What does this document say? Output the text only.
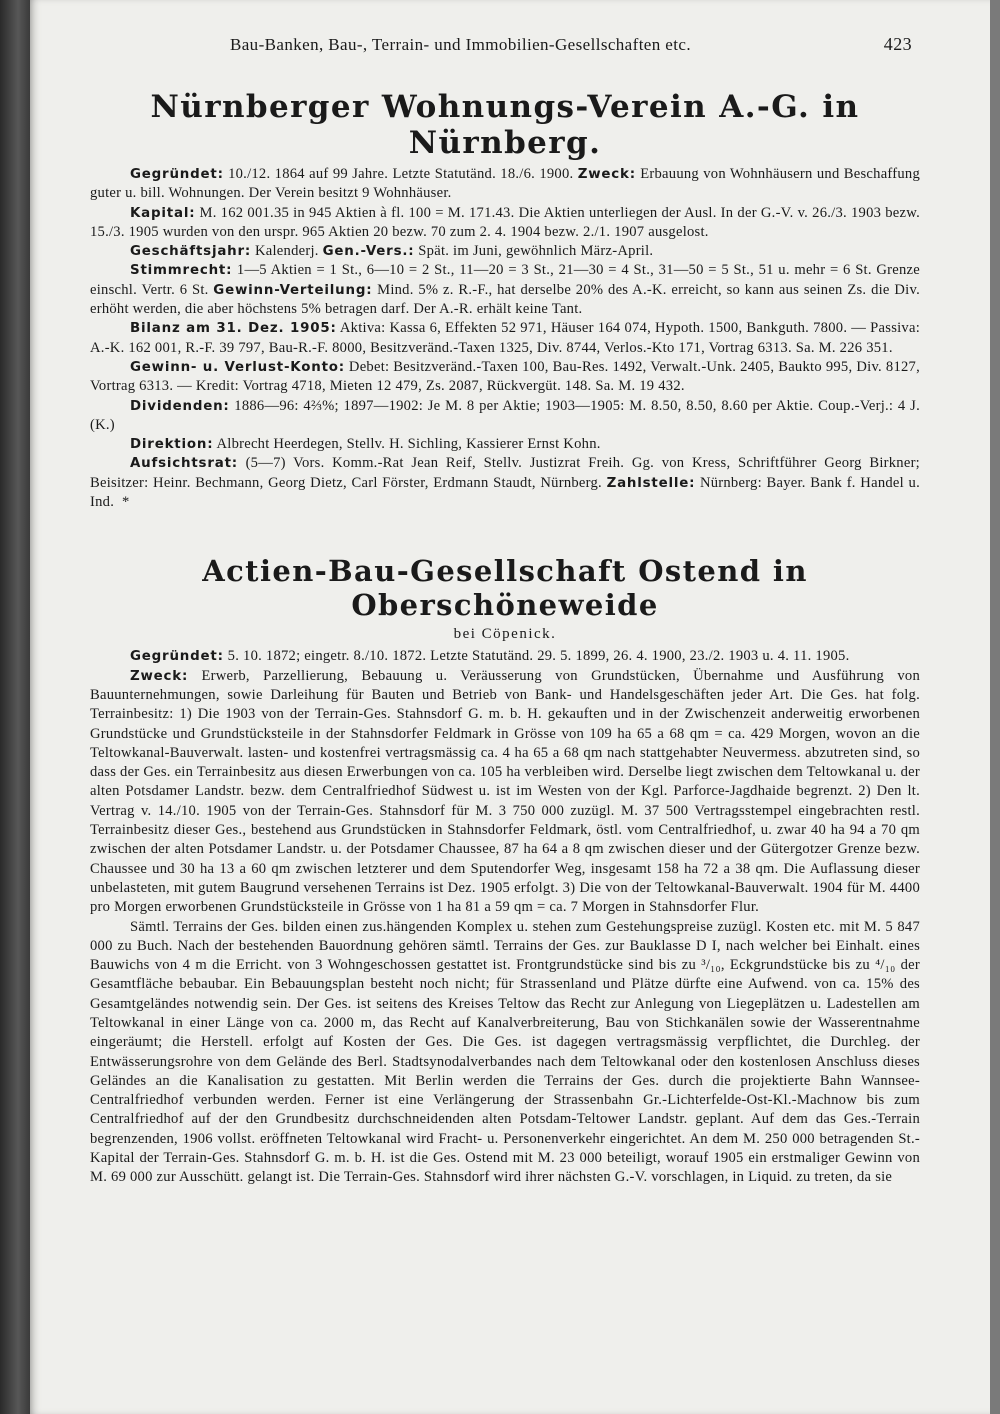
Bau-Banken, Bau-, Terrain- und Immobilien-Gesellschaften etc.	423
Nürnberger Wohnungs-Verein A.-G. in Nürnberg.

Gegründet: 10./12. 1864 auf 99 Jahre. Letzte Statutänd. 18./6. 1900. Zweck: Erbauung von Wohnhäusern und Beschaffung guter u. bill. Wohnungen. Der Verein besitzt 9 Wohnhäuser.

Kapital: M. 162 001.35 in 945 Aktien à fl. 100 = M. 171.43. Die Aktien unterliegen der Ausl. In der G.-V. v. 26./3. 1903 bezw. 15./3. 1905 wurden von den urspr. 965 Aktien 20 bezw. 70 zum 2. 4. 1904 bezw. 2./1. 1907 ausgelost.

Geschäftsjahr: Kalenderj. Gen.-Vers.: Spät. im Juni, gewöhnlich März-April.

Stimmrecht: 1—5 Aktien = 1 St., 6—10 = 2 St., 11—20 = 3 St., 21—30 = 4 St., 31—50 = 5 St., 51 u. mehr = 6 St. Grenze einschl. Vertr. 6 St. Gewinn-Verteilung: Mind. 5% z. R.-F., hat derselbe 20% des A.-K. erreicht, so kann aus seinen Zs. die Div. erhöht werden, die aber höchstens 5% betragen darf. Der A.-R. erhält keine Tant.

Bilanz am 31. Dez. 1905: Aktiva: Kassa 6, Effekten 52 971, Häuser 164 074, Hypoth. 1500, Bankguth. 7800. — Passiva: A.-K. 162 001, R.-F. 39 797, Bau-R.-F. 8000, Besitzveränd.-Taxen 1325, Div. 8744, Verlos.-Kto 171, Vortrag 6313. Sa. M. 226 351.

Gewinn- u. Verlust-Konto: Debet: Besitzveränd.-Taxen 100, Bau-Res. 1492, Verwalt.-Unk. 2405, Baukto 995, Div. 8127, Vortrag 6313. — Kredit: Vortrag 4718, Mieten 12 479, Zs. 2087, Rückvergüt. 148. Sa. M. 19 432.

Dividenden: 1886—96: 4⅔%; 1897—1902: Je M. 8 per Aktie; 1903—1905: M. 8.50, 8.50, 8.60 per Aktie. Coup.-Verj.: 4 J. (K.)

Direktion: Albrecht Heerdegen, Stellv. H. Sichling, Kassierer Ernst Kohn.

Aufsichtsrat: (5—7) Vors. Komm.-Rat Jean Reif, Stellv. Justizrat Freih. Gg. von Kress, Schriftführer Georg Birkner; Beisitzer: Heinr. Bechmann, Georg Dietz, Carl Förster, Erdmann Staudt, Nürnberg. Zahlstelle: Nürnberg: Bayer. Bank f. Handel u. Ind. *

Actien-Bau-Gesellschaft Ostend in Oberschöneweide
bei Cöpenick.

Gegründet: 5. 10. 1872; eingetr. 8./10. 1872. Letzte Statutänd. 29. 5. 1899, 26. 4. 1900, 23./2. 1903 u. 4. 11. 1905.

Zweck: Erwerb, Parzellierung, Bebauung u. Veräusserung von Grundstücken, Übernahme und Ausführung von Bauunternehmungen, sowie Darleihung für Bauten und Betrieb von Bank- und Handelsgeschäften jeder Art. Die Ges. hat folg. Terrainbesitz: 1) Die 1903 von der Terrain-Ges. Stahnsdorf G. m. b. H. gekauften und in der Zwischenzeit anderweitig erworbenen Grundstücke und Grundstücksteile in der Stahnsdorfer Feldmark in Grösse von 109 ha 65 a 68 qm = ca. 429 Morgen, wovon an die Teltowkanal-Bauverwalt. lasten- und kostenfrei vertragsmässig ca. 4 ha 65 a 68 qm nach stattgehabter Neuvermess. abzutreten sind, so dass der Ges. ein Terrainbesitz aus diesen Erwerbungen von ca. 105 ha verbleiben wird. Derselbe liegt zwischen dem Teltowkanal u. der alten Potsdamer Landstr. bezw. dem Centralfriedhof Südwest u. ist im Westen von der Kgl. Parforce-Jagdhaide begrenzt. 2) Den lt. Vertrag v. 14./10. 1905 von der Terrain-Ges. Stahnsdorf für M. 3 750 000 zuzügl. M. 37 500 Vertragsstempel eingebrachten restl. Terrainbesitz dieser Ges., bestehend aus Grundstücken in Stahnsdorfer Feldmark, östl. vom Centralfriedhof, u. zwar 40 ha 94 a 70 qm zwischen der alten Potsdamer Landstr. u. der Potsdamer Chaussee, 87 ha 64 a 8 qm zwischen dieser und der Gütergotzer Grenze bezw. Chaussee und 30 ha 13 a 60 qm zwischen letzterer und dem Sputendorfer Weg, insgesamt 158 ha 72 a 38 qm. Die Auflassung dieser unbelasteten, mit gutem Baugrund versehenen Terrains ist Dez. 1905 erfolgt. 3) Die von der Teltowkanal-Bauverwalt. 1904 für M. 4400 pro Morgen erworbenen Grundstücksteile in Grösse von 1 ha 81 a 59 qm = ca. 7 Morgen in Stahnsdorfer Flur.

Sämtl. Terrains der Ges. bilden einen zus.hängenden Komplex u. stehen zum Gestehungspreise zuzügl. Kosten etc. mit M. 5 847 000 zu Buch. Nach der bestehenden Bauordnung gehören sämtl. Terrains der Ges. zur Bauklasse D I, nach welcher bei Einhalt. eines Bauwichs von 4 m die Erricht. von 3 Wohngeschossen gestattet ist. Frontgrundstücke sind bis zu ³/₁₀, Eckgrundstücke bis zu ⁴/₁₀ der Gesamtfläche bebaubar. Ein Bebauungsplan besteht noch nicht; für Strassenland und Plätze dürfte eine Aufwend. von ca. 15% des Gesamtgeländes notwendig sein. Der Ges. ist seitens des Kreises Teltow das Recht zur Anlegung von Liegeplätzen u. Ladestellen am Teltowkanal in einer Länge von ca. 2000 m, das Recht auf Kanalverbreiterung, Bau von Stichkanälen sowie der Wasserentnahme eingeräumt; die Herstell. erfolgt auf Kosten der Ges. Die Ges. ist dagegen vertragsmässig verpflichtet, die Durchleg. der Entwässerungsrohre von dem Gelände des Berl. Stadtsynodalverbandes nach dem Teltowkanal oder den kostenlosen Anschluss dieses Geländes an die Kanalisation zu gestatten. Mit Berlin werden die Terrains der Ges. durch die projektierte Bahn Wannsee-Centralfriedhof verbunden werden. Ferner ist eine Verlängerung der Strassenbahn Gr.-Lichterfelde-Ost-Kl.-Machnow bis zum Centralfriedhof auf der den Grundbesitz durchschneidenden alten Potsdam-Teltower Landstr. geplant. Auf dem das Ges.-Terrain begrenzenden, 1906 vollst. eröffneten Teltowkanal wird Fracht- u. Personenverkehr eingerichtet. An dem M. 250 000 betragenden St.-Kapital der Terrain-Ges. Stahnsdorf G. m. b. H. ist die Ges. Ostend mit M. 23 000 beteiligt, worauf 1905 ein erstmaliger Gewinn von M. 69 000 zur Ausschütt. gelangt ist. Die Terrain-Ges. Stahnsdorf wird ihrer nächsten G.-V. vorschlagen, in Liquid. zu treten, da sie
